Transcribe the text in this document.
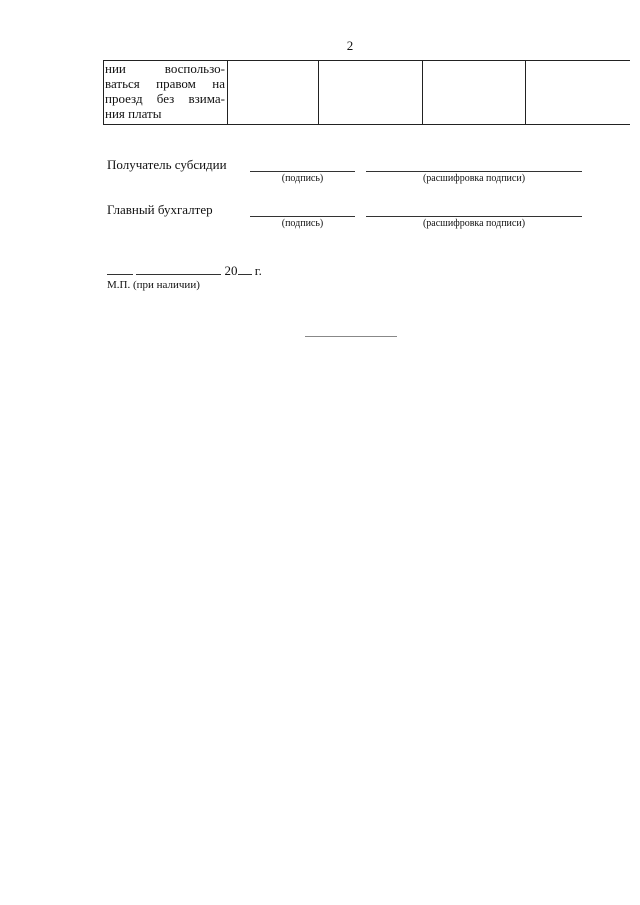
2
нии	воспользо-
ваться правом на
проезд без взима-
ния платы
Получатель субсидии
(подпись)	(расшифровка подписи)
Главный бухгалтер
(подпись)	(расшифровка подписи)
20 г.
М.П. (при наличии)
